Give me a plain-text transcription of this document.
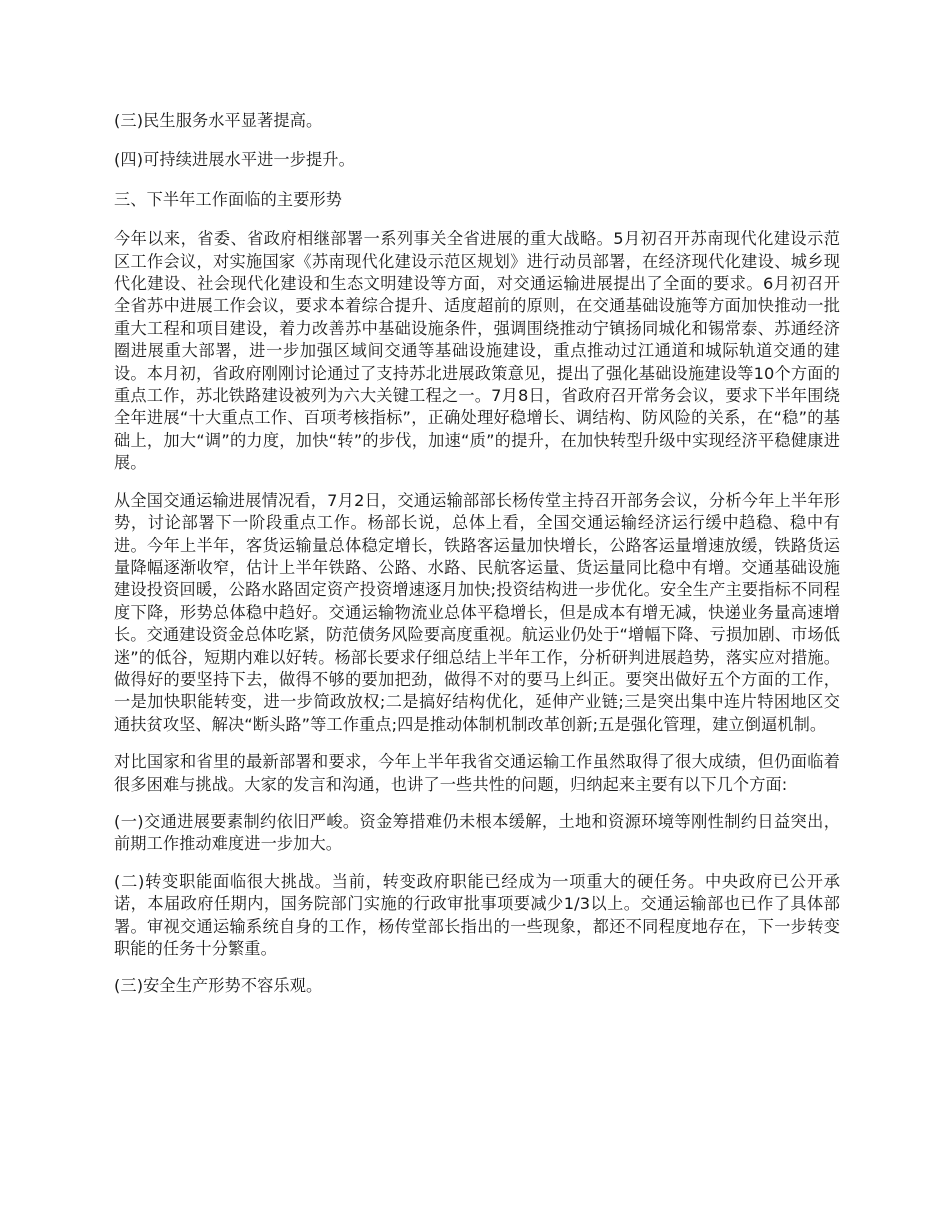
(三)民生服务水平显著提高。

(四)可持续进展水平进一步提升。

三、下半年工作面临的主要形势

今年以来，省委、省政府相继部署一系列事关全省进展的重大战略。5月初召开苏南现代化建设示范区工作会议，对实施国家《苏南现代化建设示范区规划》进行动员部署，在经济现代化建设、城乡现代化建设、社会现代化建设和生态文明建设等方面，对交通运输进展提出了全面的要求。6月初召开全省苏中进展工作会议，要求本着综合提升、适度超前的原则，在交通基础设施等方面加快推动一批重大工程和项目建设，着力改善苏中基础设施条件，强调围绕推动宁镇扬同城化和锡常泰、苏通经济圈进展重大部署，进一步加强区域间交通等基础设施建设，重点推动过江通道和城际轨道交通的建设。本月初，省政府刚刚讨论通过了支持苏北进展政策意见，提出了强化基础设施建设等10个方面的重点工作，苏北铁路建设被列为六大关键工程之一。7月8日，省政府召开常务会议，要求下半年围绕全年进展“十大重点工作、百项考核指标”，正确处理好稳增长、调结构、防风险的关系，在“稳”的基础上，加大“调”的力度，加快“转”的步伐，加速“质”的提升，在加快转型升级中实现经济平稳健康进展。

从全国交通运输进展情况看，7月2日，交通运输部部长杨传堂主持召开部务会议，分析今年上半年形势，讨论部署下一阶段重点工作。杨部长说，总体上看，全国交通运输经济运行缓中趋稳、稳中有进。今年上半年，客货运输量总体稳定增长，铁路客运量加快增长，公路客运量增速放缓，铁路货运量降幅逐渐收窄，估计上半年铁路、公路、水路、民航客运量、货运量同比稳中有增。交通基础设施建设投资回暖，公路水路固定资产投资增速逐月加快;投资结构进一步优化。安全生产主要指标不同程度下降，形势总体稳中趋好。交通运输物流业总体平稳增长，但是成本有增无减，快递业务量高速增长。交通建设资金总体吃紧，防范债务风险要高度重视。航运业仍处于“增幅下降、亏损加剧、市场低迷”的低谷，短期内难以好转。杨部长要求仔细总结上半年工作，分析研判进展趋势，落实应对措施。做得好的要坚持下去，做得不够的要加把劲，做得不对的要马上纠正。要突出做好五个方面的工作，一是加快职能转变，进一步简政放权;二是搞好结构优化，延伸产业链;三是突出集中连片特困地区交通扶贫攻坚、解决“断头路”等工作重点;四是推动体制机制改革创新;五是强化管理，建立倒逼机制。

对比国家和省里的最新部署和要求，今年上半年我省交通运输工作虽然取得了很大成绩，但仍面临着很多困难与挑战。大家的发言和沟通，也讲了一些共性的问题，归纳起来主要有以下几个方面:

(一)交通进展要素制约依旧严峻。资金筹措难仍未根本缓解，土地和资源环境等刚性制约日益突出，前期工作推动难度进一步加大。

(二)转变职能面临很大挑战。当前，转变政府职能已经成为一项重大的硬任务。中央政府已公开承诺，本届政府任期内，国务院部门实施的行政审批事项要减少1/3以上。交通运输部也已作了具体部署。审视交通运输系统自身的工作，杨传堂部长指出的一些现象，都还不同程度地存在，下一步转变职能的任务十分繁重。

(三)安全生产形势不容乐观。
